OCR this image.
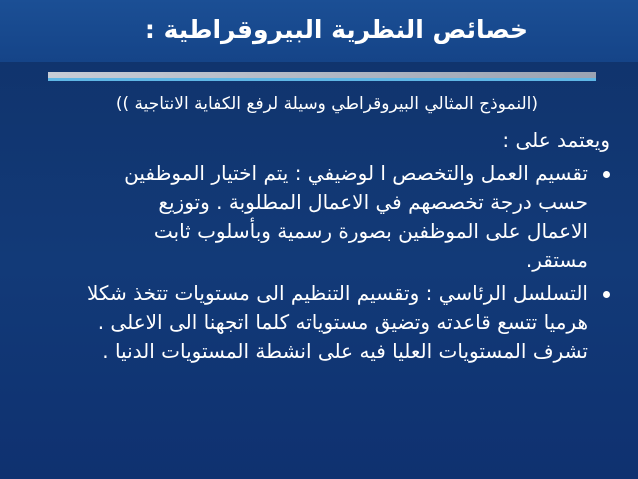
خصائص النظرية البيروقراطية :
(النموذج المثالي البيروقراطي وسيلة لرفع الكفاية الانتاجية ))
ويعتمد على :
تقسيم العمل والتخصص ا لوضيفي : يتم اختيار الموظفين
حسب درجة تخصصهم في الاعمال المطلوبة . وتوزيع
الاعمال على الموظفين بصورة رسمية وبأسلوب ثابت
مستقر.
التسلسل الرئاسي : وتقسيم التنظيم الى مستويات تتخذ شكلا
هرميا تتسع قاعدته وتضيق مستوياته كلما اتجهنا الى الاعلى .
تشرف المستويات العليا فيه على انشطة المستويات الدنيا .
